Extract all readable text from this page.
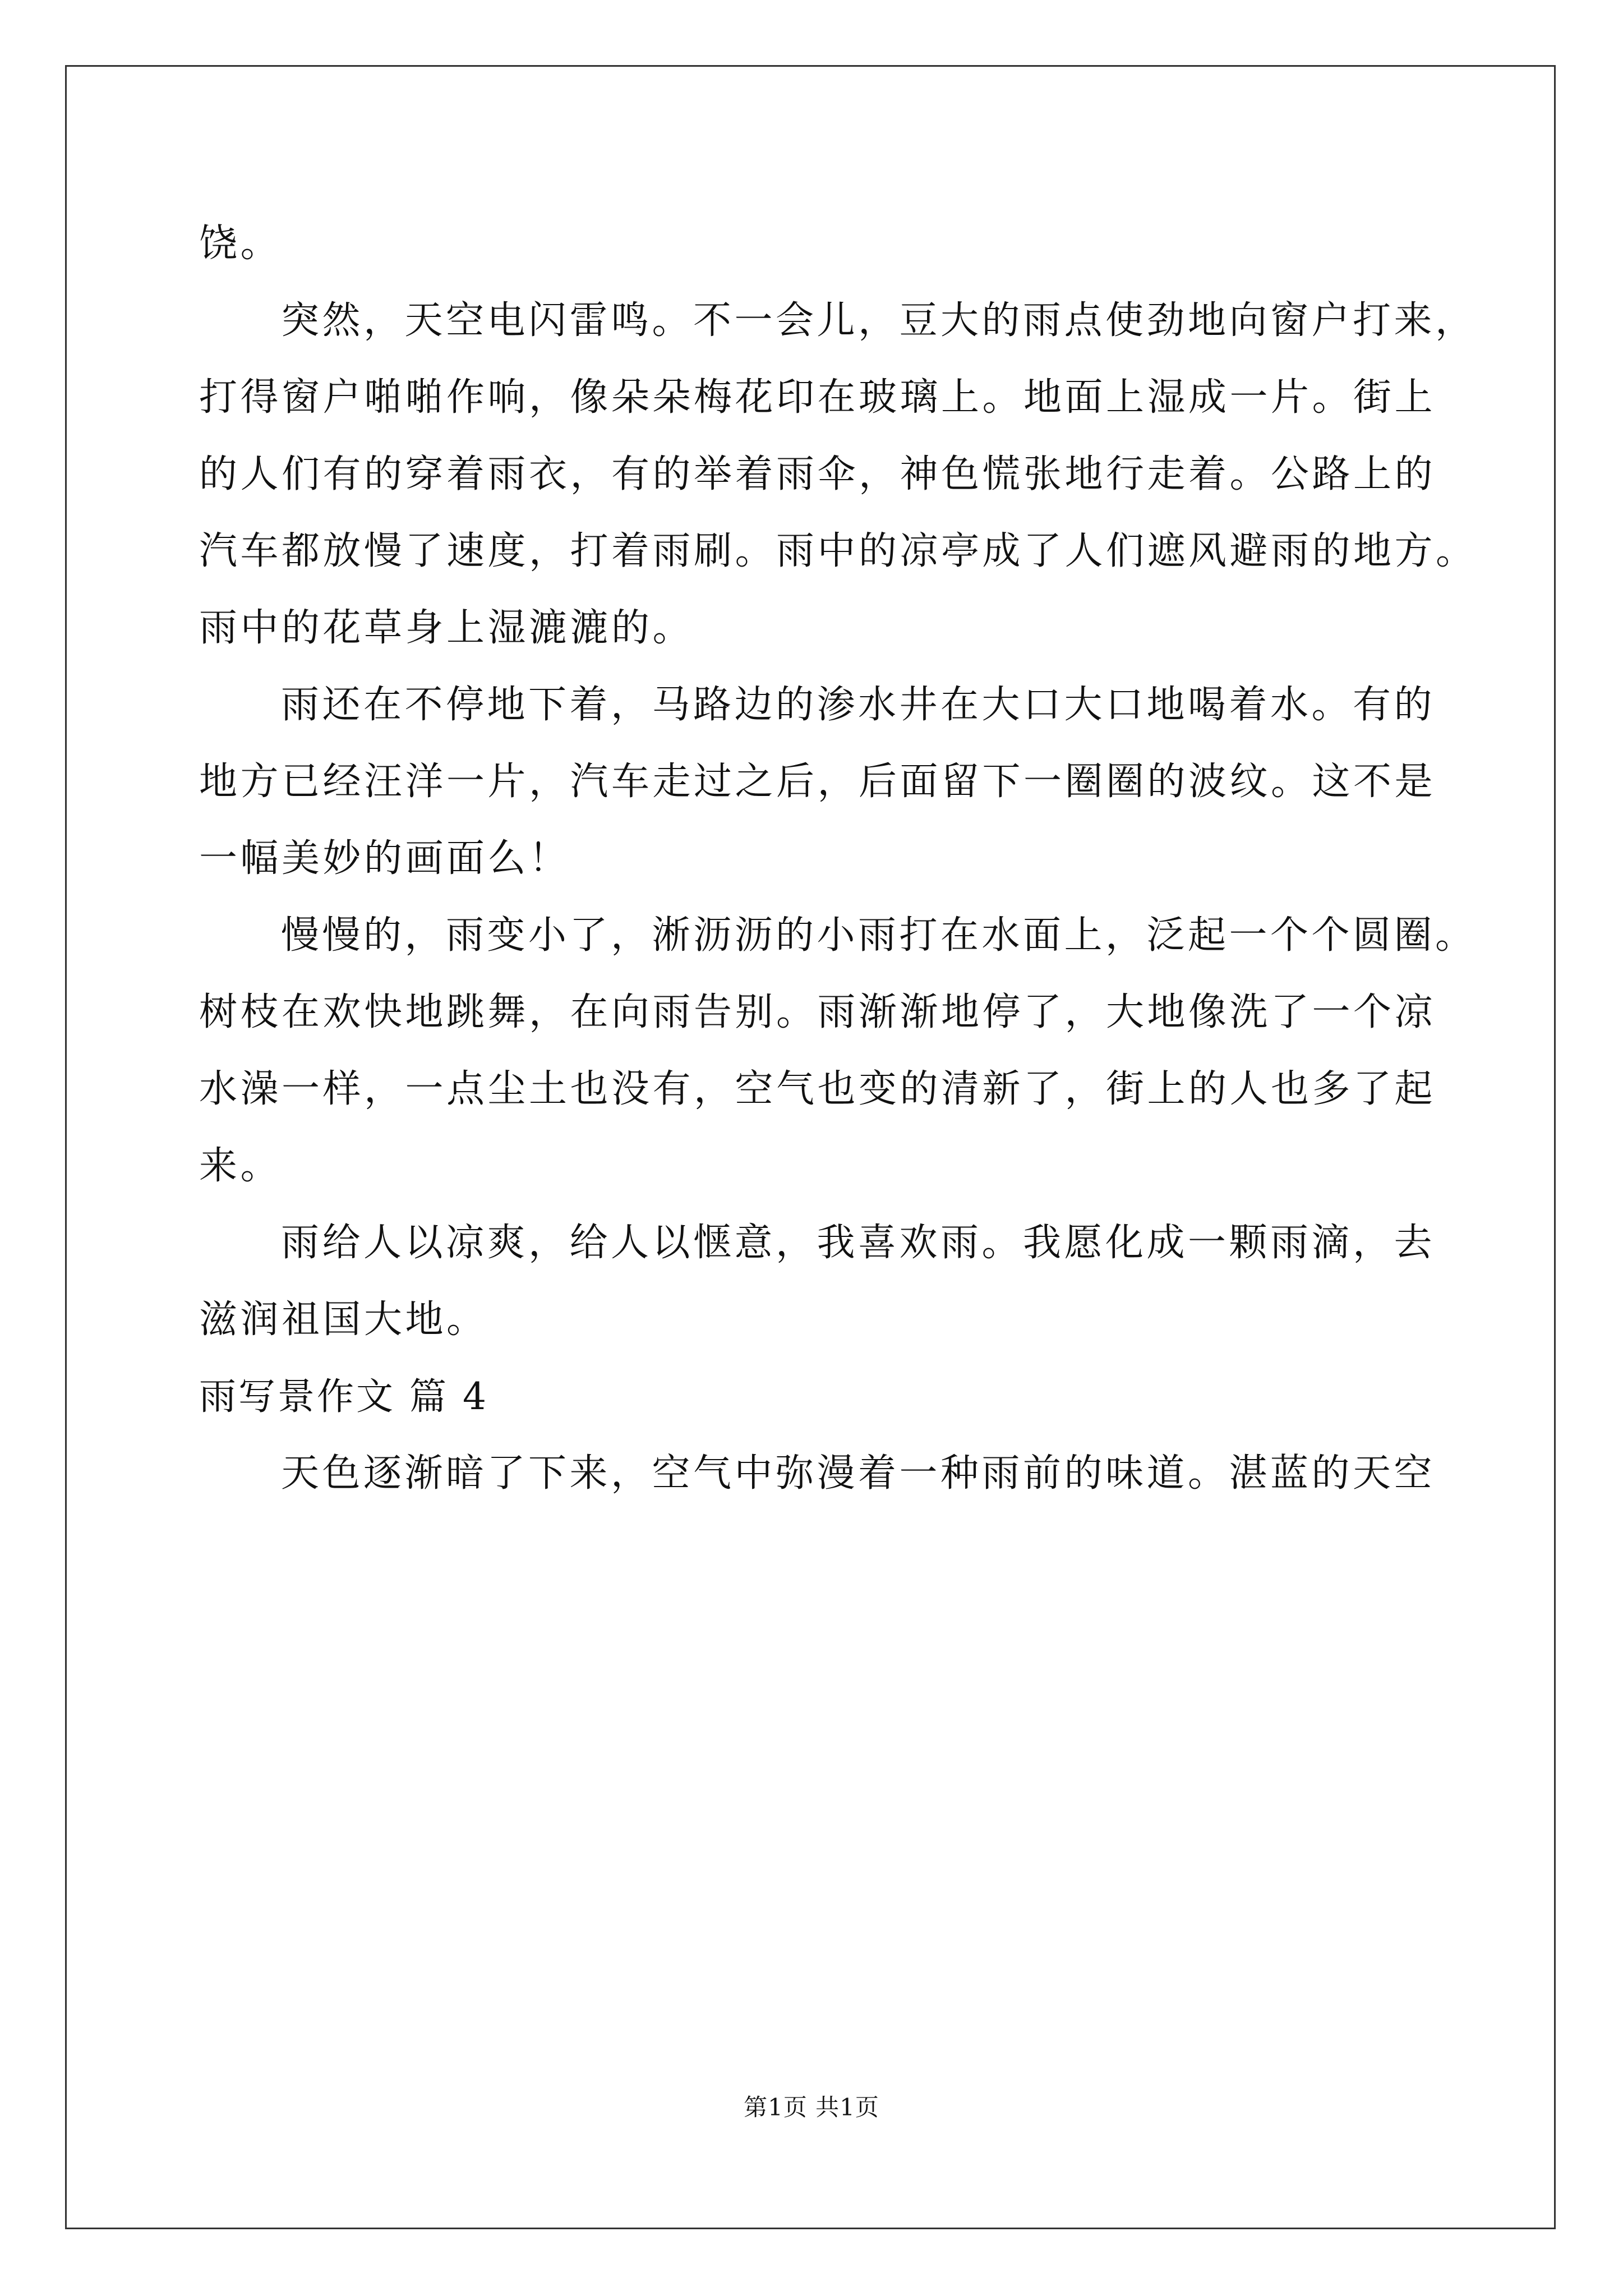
饶。
突然，天空电闪雷鸣。不一会儿，豆大的雨点使劲地向窗户打来，
打得窗户啪啪作响，像朵朵梅花印在玻璃上。地面上湿成一片。街上
的人们有的穿着雨衣，有的举着雨伞，神色慌张地行走着。公路上的
汽车都放慢了速度，打着雨刷。雨中的凉亭成了人们遮风避雨的地方。
雨中的花草身上湿漉漉的。
雨还在不停地下着，马路边的渗水井在大口大口地喝着水。有的
地方已经汪洋一片，汽车走过之后，后面留下一圈圈的波纹。这不是
一幅美妙的画面么！
慢慢的，雨变小了，淅沥沥的小雨打在水面上，泛起一个个圆圈。
树枝在欢快地跳舞，在向雨告别。雨渐渐地停了，大地像洗了一个凉
水澡一样，一点尘土也没有，空气也变的清新了，街上的人也多了起
来。
雨给人以凉爽，给人以惬意，我喜欢雨。我愿化成一颗雨滴，去
滋润祖国大地。
雨写景作文 篇 4
天色逐渐暗了下来，空气中弥漫着一种雨前的味道。湛蓝的天空
第1页 共1页
